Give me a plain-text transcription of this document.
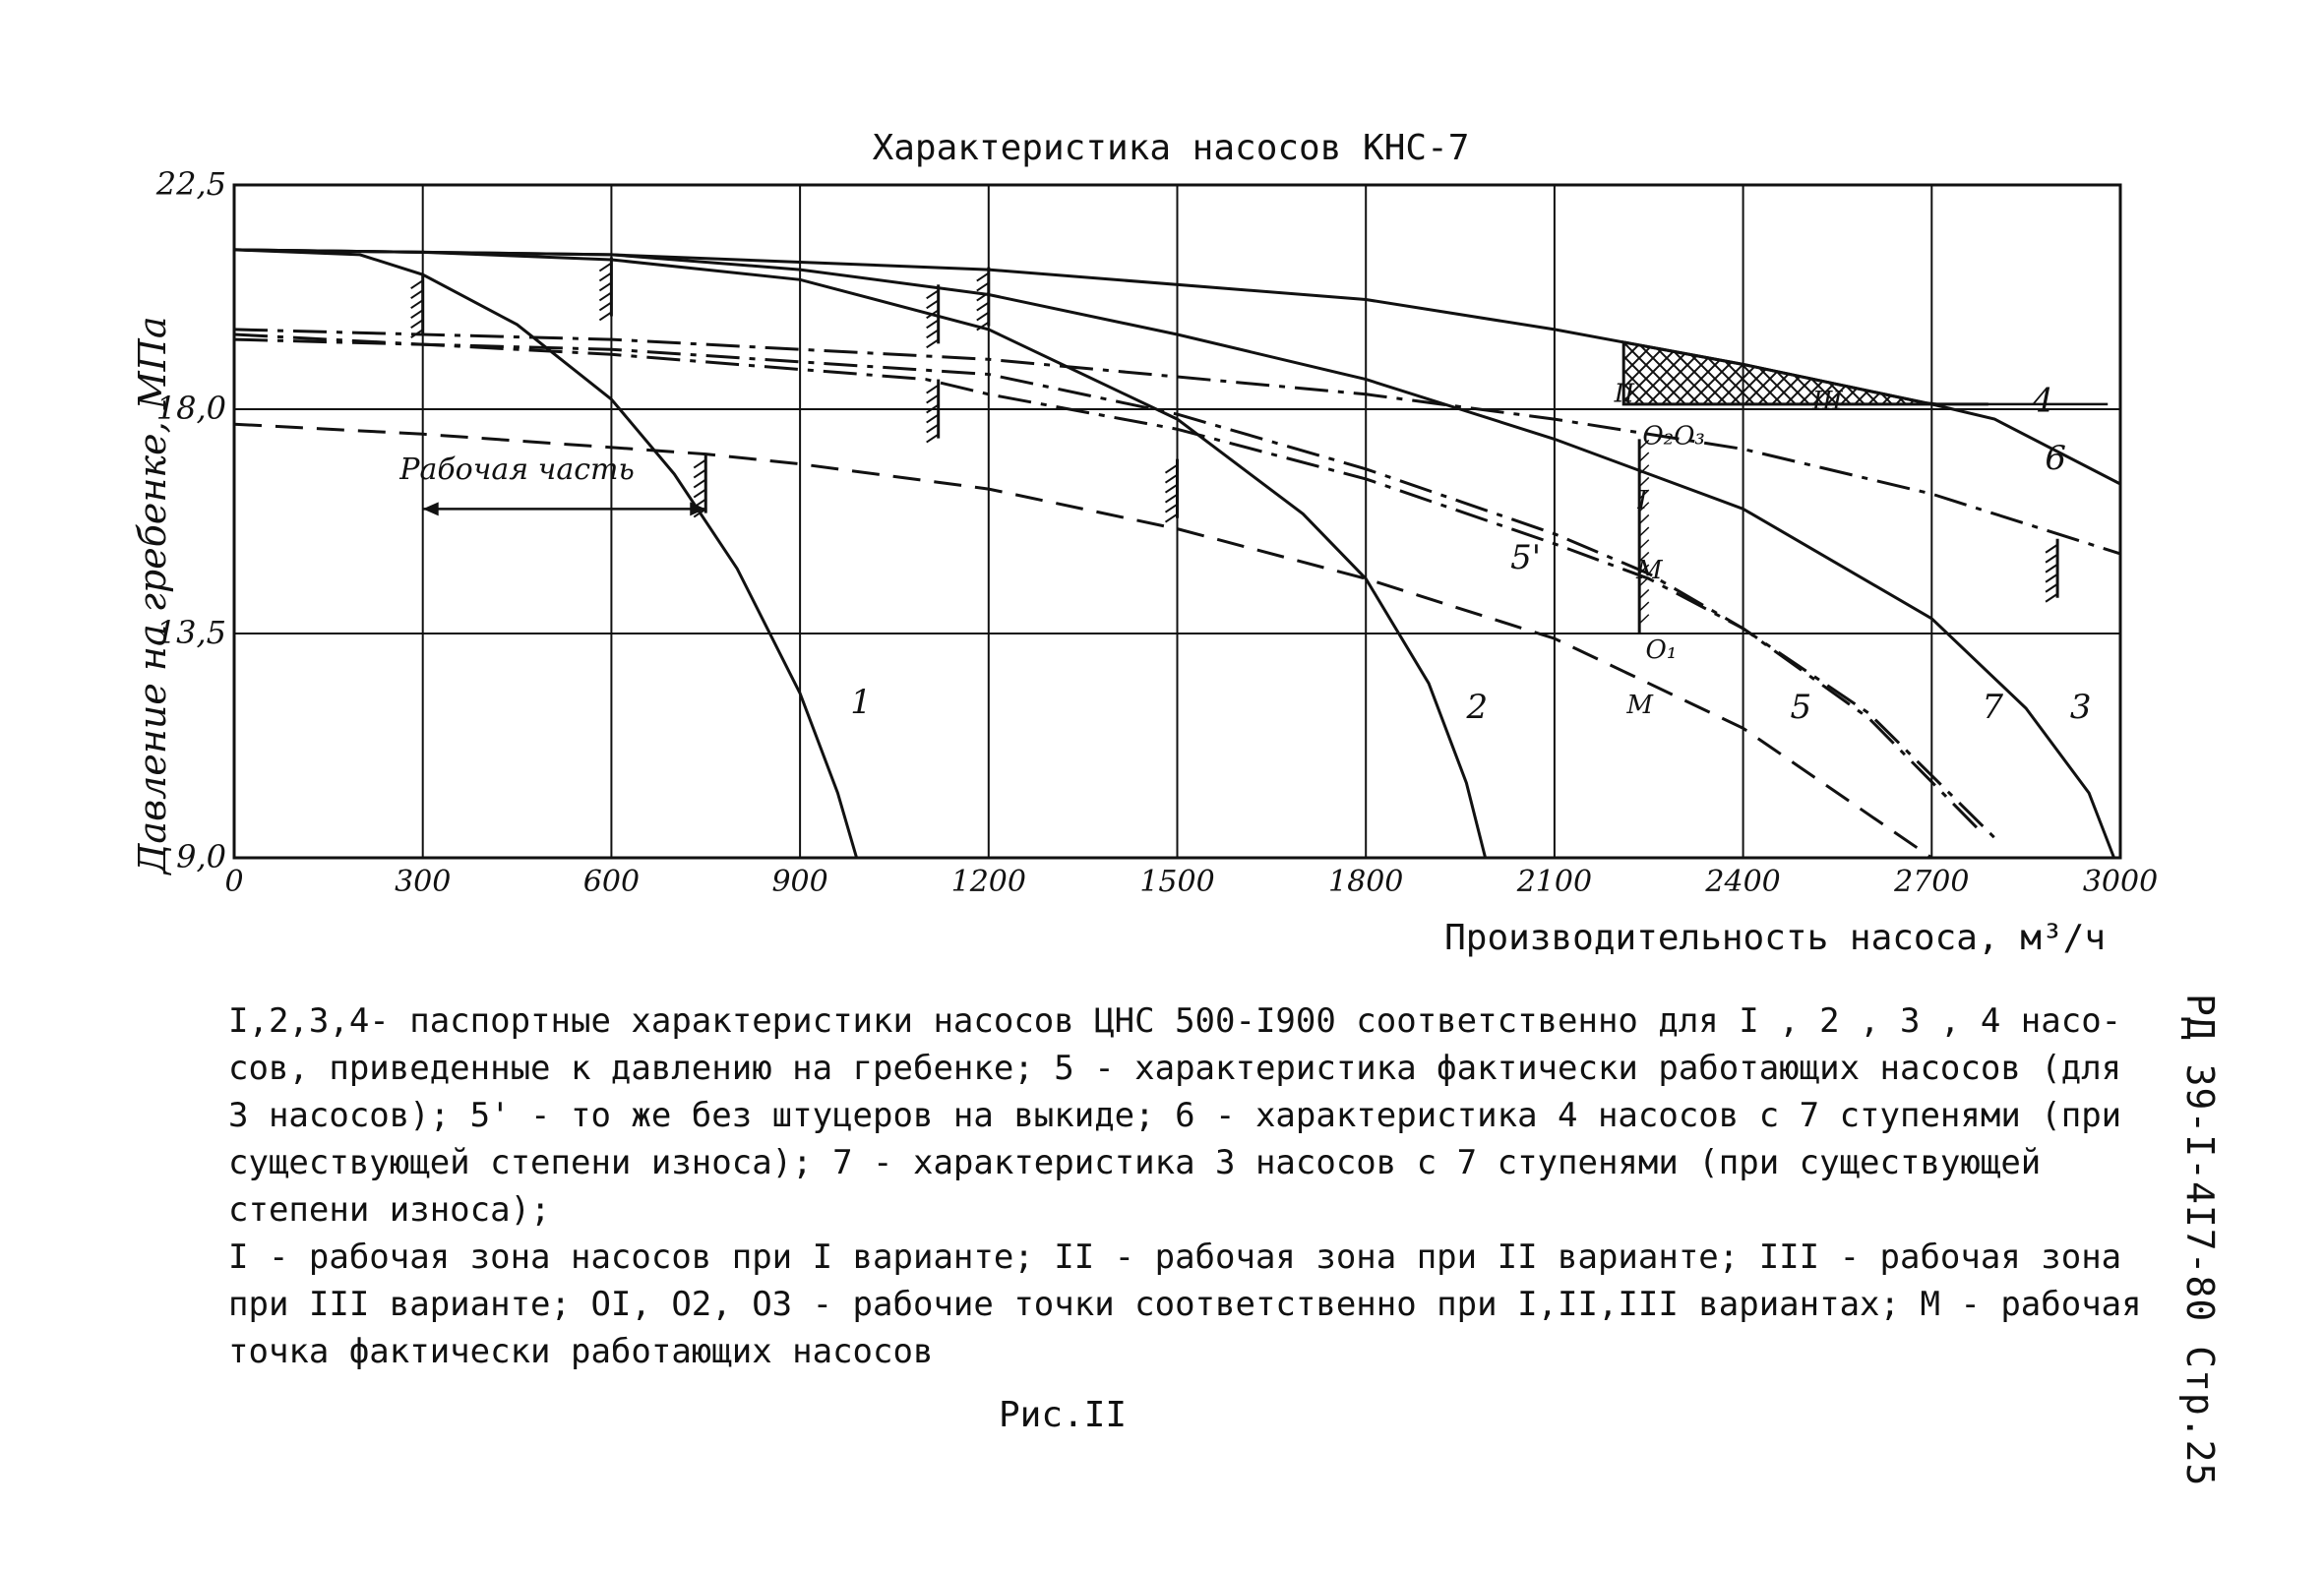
Характеристика насосов КНС-7
1	2	3
4
5
5'
6
7
0	300	600	900	1200	1500	1800	2100	2400	2700	3000
9,0
13,5
18,0
22,5
Рабочая часть
I
II	III
O₂O₃
O₁
M
M
Давление на гребенке, МПа
Производительность насоса, м³/ч
I,2,3,4- паспортные характеристики насосов ЦНС 500-I900 соответственно для I , 2 , 3 , 4 насо-
сов, приведенные к давлению на гребенке; 5 - характеристика фактически работающих насосов (для
3 насосов); 5' - то же без штуцеров на выкиде; 6 - характеристика 4 насосов с 7 ступенями (при
существующей степени износа); 7 - характеристика 3 насосов с 7 ступенями (при существующей
степени износа);
I - рабочая зона насосов при I варианте; II - рабочая зона при II варианте; III - рабочая зона
при III варианте; OI, O2, O3 - рабочие точки соответственно при I,II,III вариантах; М - рабочая
точка фактически работающих насосов
Рис.II	РД 39-I-4I7-80 Стр.25
